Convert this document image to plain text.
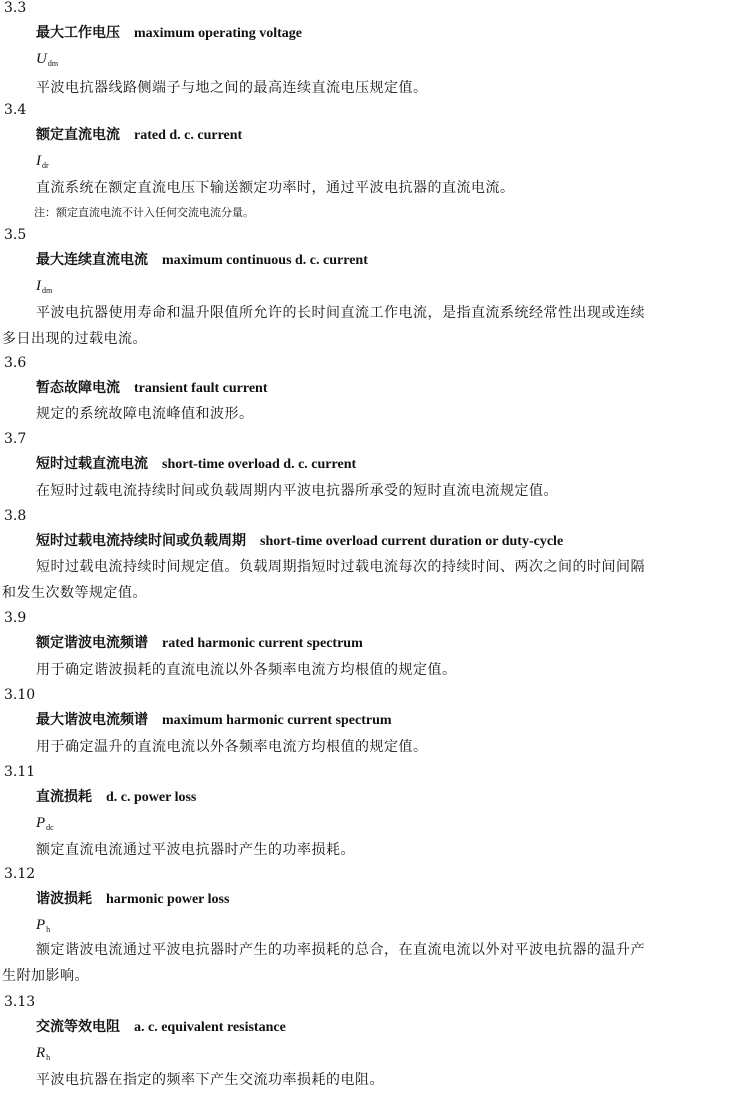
3.3
最大工作电压 maximum operating voltage
$U_{dm}$
平波电抗器线路侧端子与地之间的最高连续直流电压规定值。
3.4
额定直流电流 rated d. c. current
$I_{dr}$
直流系统在额定直流电压下输送额定功率时，通过平波电抗器的直流电流。
注：额定直流电流不计入任何交流电流分量。
3.5
最大连续直流电流 maximum continuous d. c. current
$I_{dm}$
平波电抗器使用寿命和温升限值所允许的长时间直流工作电流，是指直流系统经常性出现或连续
多日出现的过载电流。
3.6
暂态故障电流 transient fault current
规定的系统故障电流峰值和波形。
3.7
短时过载直流电流 short-time overload d. c. current
在短时过载电流持续时间或负载周期内平波电抗器所承受的短时直流电流规定值。
3.8
短时过载电流持续时间或负载周期 short-time overload current duration or duty-cycle
短时过载电流持续时间规定值。负载周期指短时过载电流每次的持续时间、两次之间的时间间隔
和发生次数等规定值。
3.9
额定谐波电流频谱 rated harmonic current spectrum
用于确定谐波损耗的直流电流以外各频率电流方均根值的规定值。
3.10
最大谐波电流频谱 maximum harmonic current spectrum
用于确定温升的直流电流以外各频率电流方均根值的规定值。
3.11
直流损耗 d. c. power loss
$P_{dc}$
额定直流电流通过平波电抗器时产生的功率损耗。
3.12
谐波损耗 harmonic power loss
$P_h$
额定谐波电流通过平波电抗器时产生的功率损耗的总合，在直流电流以外对平波电抗器的温升产
生附加影响。
3.13
交流等效电阻 a. c. equivalent resistance
$R_h$
平波电抗器在指定的频率下产生交流功率损耗的电阻。
